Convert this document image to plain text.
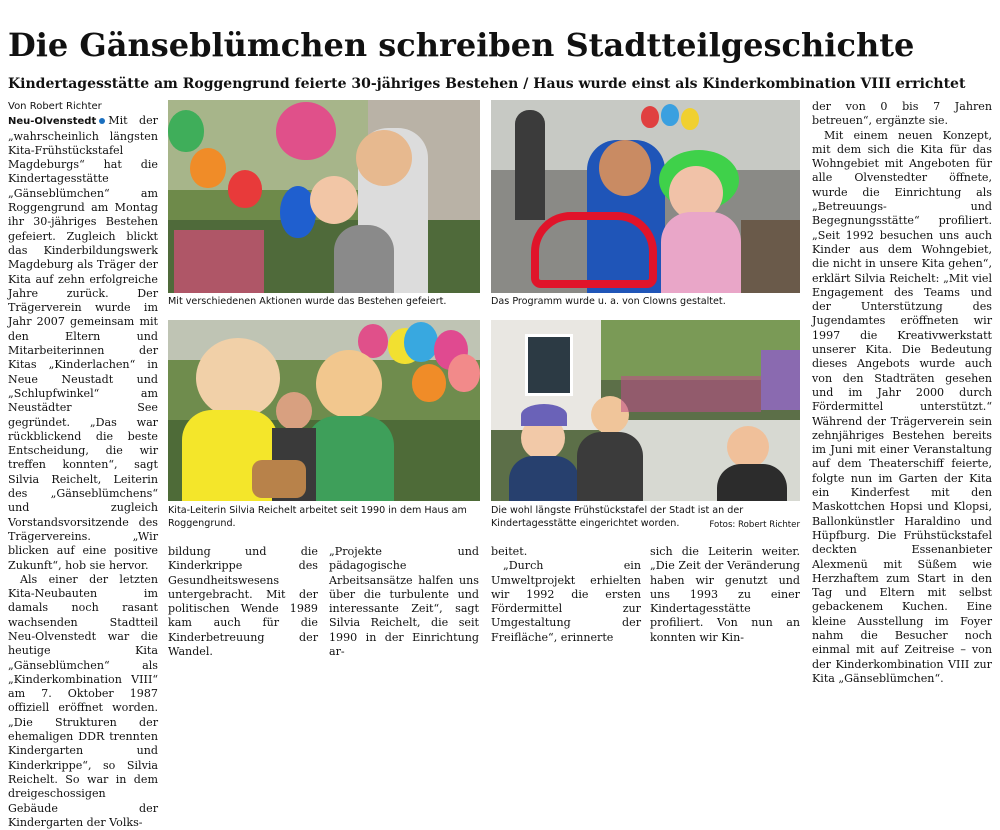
Die Gänseblümchen schreiben Stadtteilgeschichte
Kindertagesstätte am Roggengrund feierte 30-jähriges Bestehen / Haus wurde einst als Kinderkombination VIII errichtet
Von Robert Richter

Neu-Olvenstedt Mit der „wahrscheinlich längsten Kita-Frühstückstafel Magdeburgs“ hat die Kindertagesstätte „Gänseblümchen“ am Roggengrund am Montag ihr 30-jähriges Bestehen gefeiert. Zugleich blickt das Kinderbildungswerk Magdeburg als Träger der Kita auf zehn erfolgreiche Jahre zurück. Der Trägerverein wurde im Jahr 2007 gemeinsam mit den Eltern und Mitarbeiterinnen der Kitas „Kinderlachen“ in Neue Neustadt und „Schlupfwinkel“ am Neustädter See gegründet. „Das war rückblickend die beste Entscheidung, die wir treffen konnten“, sagt Silvia Reichelt, Leiterin des „Gänseblümchens“ und zugleich Vorstandsvorsitzende des Trägervereins. „Wir blicken auf eine positive Zukunft“, hob sie hervor.

Als einer der letzten Kita-Neubauten im damals noch rasant wachsenden Stadtteil Neu-Olvenstedt war die heutige Kita „Gänseblümchen“ als „Kinderkombination VIII“ am 7. Oktober 1987 offiziell eröffnet worden. „Die Strukturen der ehemaligen DDR trennten Kindergarten und Kinderkrippe“, so Silvia Reichelt. So war in dem dreigeschossigen Gebäude der Kindergarten der Volks-

Mit verschiedenen Aktionen wurde das Bestehen gefeiert.	Das Programm wurde u. a. von Clowns gestaltet.
Kita-Leiterin Silvia Reichelt arbeitet seit 1990 in dem Haus am Roggengrund.
Die wohl längste Frühstückstafel der Stadt ist an der Kindertagesstätte eingerichtet worden.	Fotos: Robert Richter

bildung und die Kinderkrippe des Gesundheitswesens untergebracht. Mit der politischen Wende 1989 kam auch für die Kinderbetreuung der Wandel.

„Projekte und pädagogische Arbeitsansätze halfen uns über die turbulente und interessante Zeit“, sagt Silvia Reichelt, die seit 1990 in der Einrichtung ar-

beitet.

„Durch ein Umweltprojekt erhielten wir 1992 die ersten Fördermittel zur Umgestaltung der Freifläche“, erinnerte

sich die Leiterin weiter. „Die Zeit der Veränderung haben wir genutzt und uns 1993 zu einer Kindertagesstätte profiliert. Von nun an konnten wir Kin-

der von 0 bis 7 Jahren betreuen“, ergänzte sie.

Mit einem neuen Konzept, mit dem sich die Kita für das Wohngebiet mit Angeboten für alle Olvenstedter öffnete, wurde die Einrichtung als „Betreuungs- und Begegnungsstätte“ profiliert. „Seit 1992 besuchen uns auch Kinder aus dem Wohngebiet, die nicht in unsere Kita gehen“, erklärt Silvia Reichelt: „Mit viel Engagement des Teams und der Unterstützung des Jugendamtes eröffneten wir 1997 die Kreativwerkstatt unserer Kita. Die Bedeutung dieses Angebots wurde auch von den Stadträten gesehen und im Jahr 2000 durch Fördermittel unterstützt.“ Während der Trägerverein sein zehnjähriges Bestehen bereits im Juni mit einer Veranstaltung auf dem Theaterschiff feierte, folgte nun im Garten der Kita ein Kinderfest mit den Maskottchen Hopsi und Klopsi, Ballonkünstler Haraldino und Hüpfburg. Die Frühstückstafel deckten Essenanbieter Alexmenü mit Süßem wie Herzhaftem zum Start in den Tag und Eltern mit selbst gebackenem Kuchen. Eine kleine Ausstellung im Foyer nahm die Besucher noch einmal mit auf Zeitreise – von der Kinderkombination VIII zur Kita „Gänseblümchen“.
